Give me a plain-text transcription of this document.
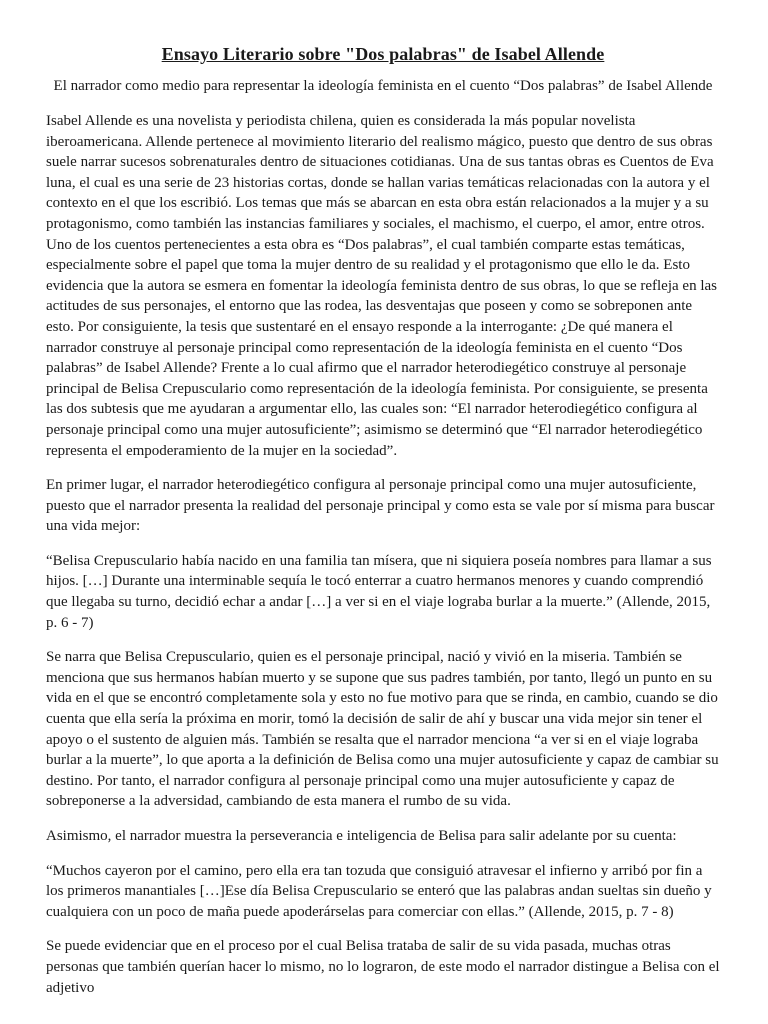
Ensayo Literario sobre "Dos palabras" de Isabel Allende

El narrador como medio para representar la ideología feminista en el cuento “Dos palabras” de Isabel Allende

Isabel Allende es una novelista y periodista chilena, quien es considerada la más popular novelista iberoamericana. Allende pertenece al movimiento literario del realismo mágico, puesto que dentro de sus obras suele narrar sucesos sobrenaturales dentro de situaciones cotidianas. Una de sus tantas obras es Cuentos de Eva luna, el cual es una serie de 23 historias cortas, donde se hallan varias temáticas relacionadas con la autora y el contexto en el que los escribió. Los temas que más se abarcan en esta obra están relacionados a la mujer y a su protagonismo, como también las instancias familiares y sociales, el machismo, el cuerpo, el amor, entre otros. Uno de los cuentos pertenecientes a esta obra es “Dos palabras”, el cual también comparte estas temáticas, especialmente sobre el papel que toma la mujer dentro de su realidad y el protagonismo que ello le da. Esto evidencia que la autora se esmera en fomentar la ideología feminista dentro de sus obras, lo que se refleja en las actitudes de sus personajes, el entorno que las rodea, las desventajas que poseen y como se sobreponen ante esto. Por consiguiente, la tesis que sustentaré en el ensayo responde a la interrogante: ¿De qué manera el narrador construye al personaje principal como representación de la ideología feminista en el cuento “Dos palabras” de Isabel Allende? Frente a lo cual afirmo que el narrador heterodiegético construye al personaje principal de Belisa Crepusculario como representación de la ideología feminista. Por consiguiente, se presenta las dos subtesis que me ayudaran a argumentar ello, las cuales son: “El narrador heterodiegético configura al personaje principal como una mujer autosuficiente”; asimismo se determinó que “El narrador heterodiegético representa el empoderamiento de la mujer en la sociedad”.

En primer lugar, el narrador heterodiegético configura al personaje principal como una mujer autosuficiente, puesto que el narrador presenta la realidad del personaje principal y como esta se vale por sí misma para buscar una vida mejor:

“Belisa Crepusculario había nacido en una familia tan mísera, que ni siquiera poseía nombres para llamar a sus hijos. […] Durante una interminable sequía le tocó enterrar a cuatro hermanos menores y cuando comprendió que llegaba su turno, decidió echar a andar […] a ver si en el viaje lograba burlar a la muerte.” (Allende, 2015, p. 6 - 7)

Se narra que Belisa Crepusculario, quien es el personaje principal, nació y vivió en la miseria. También se menciona que sus hermanos habían muerto y se supone que sus padres también, por tanto, llegó un punto en su vida en el que se encontró completamente sola y esto no fue motivo para que se rinda, en cambio, cuando se dio cuenta que ella sería la próxima en morir, tomó la decisión de salir de ahí y buscar una vida mejor sin tener el apoyo o el sustento de alguien más. También se resalta que el narrador menciona “a ver si en el viaje lograba burlar a la muerte”, lo que aporta a la definición de Belisa como una mujer autosuficiente y capaz de cambiar su destino. Por tanto, el narrador configura al personaje principal como una mujer autosuficiente y capaz de sobreponerse a la adversidad, cambiando de esta manera el rumbo de su vida.

Asimismo, el narrador muestra la perseverancia e inteligencia de Belisa para salir adelante por su cuenta:

“Muchos cayeron por el camino, pero ella era tan tozuda que consiguió atravesar el infierno y arribó por fin a los primeros manantiales […]Ese día Belisa Crepusculario se enteró que las palabras andan sueltas sin dueño y cualquiera con un poco de maña puede apoderárselas para comerciar con ellas.” (Allende, 2015, p. 7 - 8)

Se puede evidenciar que en el proceso por el cual Belisa trataba de salir de su vida pasada, muchas otras personas que también querían hacer lo mismo, no lo lograron, de este modo el narrador distingue a Belisa con el adjetivo
